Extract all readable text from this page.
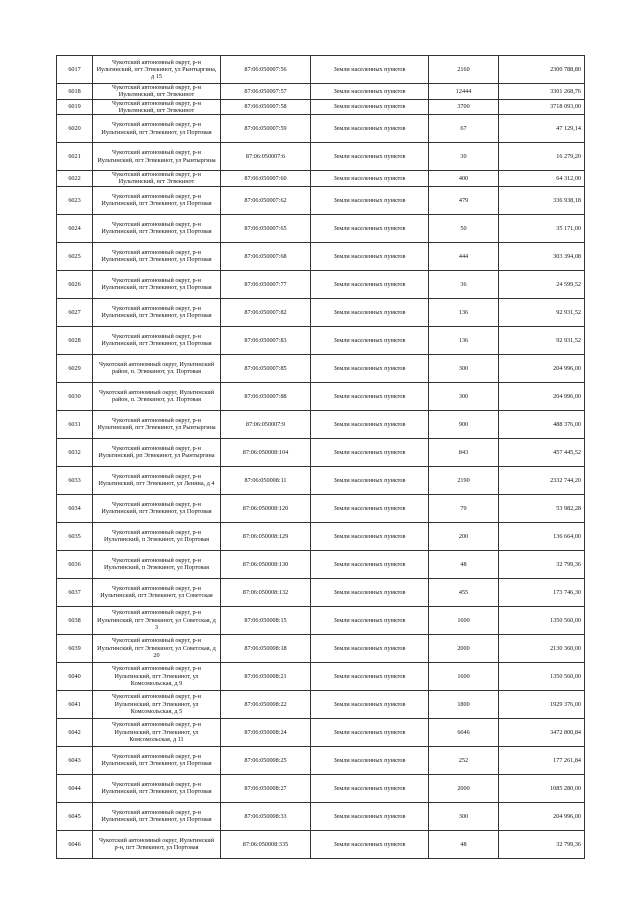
6017	Чукотский автономный округ, р-н Иультинский, пгт Эгвекинот, ул Рынтыргина, д 15	87:06:050007:56	Земли населенных пунктов	2160	2300 788,80
6018	Чукотский автономный округ, р-н Иультинский, пгт Эгвекинот	87:06:050007:57	Земли населенных пунктов	12444	3301 268,76
6019	Чукотский автономный округ, р-н Иультинский, пгт Эгвекинот	87:06:050007:58	Земли населенных пунктов	3700	3718 093,00
6020	Чукотский автономный округ, р-н Иультинский, пгт Эгвекинот, ул Портовая	87:06:050007:59	Земли населенных пунктов	67	47 129,14
6021	Чукотский автономный округ, р-н Иультинский, пгт Эгвекинот, ул Рынтыргина	87:06:050007:6	Земли населенных пунктов	30	16 279,20
6022	Чукотский автономный округ, р-н Иультинский, пгт Эгвекинот	87:06:050007:60	Земли населенных пунктов	400	64 312,00
6023	Чукотский автономный округ, р-н Иультинский, пгт Эгвекинот, ул Портовая	87:06:050007:62	Земли населенных пунктов	479	336 938,18
6024	Чукотский автономный округ, р-н Иультинский, пгт Эгвекинот, ул Портовая	87:06:050007:65	Земли населенных пунктов	50	35 171,00
6025	Чукотский автономный округ, р-н Иультинский, пгт Эгвекинот, ул Портовая	87:06:050007:68	Земли населенных пунктов	444	303 394,08
6026	Чукотский автономный округ, р-н Иультинский, пгт Эгвекинот, ул Портовая	87:06:050007:77	Земли населенных пунктов	36	24 599,52
6027	Чукотский автономный округ, р-н Иультинский, пгт Эгвекинот, ул Портовая	87:06:050007:82	Земли населенных пунктов	136	92 931,52
6028	Чукотский автономный округ, р-н Иультинский, пгт Эгвекинот, ул Портовая	87:06:050007:83	Земли населенных пунктов	136	92 931,52
6029	Чукотский автономный округ, Иультинский район, п. Эгвекинот, ул. Портовая	87:06:050007:85	Земли населенных пунктов	300	204 996,00
6030	Чукотский автономный округ, Иультинский район, п. Эгвекинот, ул. Портовая	87:06:050007:88	Земли населенных пунктов	300	204 996,00
6031	Чукотский автономный округ, р-н Иультинский, пгт Эгвекинот, ул Рынтыргина	87:06:050007:9	Земли населенных пунктов	900	488 376,00
6032	Чукотский автономный округ, р-н Иультинский, рп Эгвекинот, ул Рынтыргина	87:06:050008:104	Земли населенных пунктов	843	457 445,52
6033	Чукотский автономный округ, р-н Иультинский, пгт Эгвекинот, ул Ленина, д 4	87:06:050008:11	Земли населенных пунктов	2190	2332 744,20
6034	Чукотский автономный округ, р-н Иультинский, пгт Эгвекинот, ул Портовая	87:06:050008:120	Земли населенных пунктов	79	53 982,28
6035	Чукотский автономный округ, р-н Иультинский, п Эгвекинот, ул Портовая	87:06:050008:129	Земли населенных пунктов	200	136 664,00
6036	Чукотский автономный округ, р-н Иультинский, п Эгвекинот, ул Портовая	87:06:050008:130	Земли населенных пунктов	48	32 799,36
6037	Чукотский автономный округ, р-н Иультинский, пгт Эгвекинот, ул Советская	87:06:050008:132	Земли населенных пунктов	455	173 746,30
6038	Чукотский автономный округ, р-н Иультинский, пгт Эгвекинот, ул Советская, д 3	87:06:050008:15	Земли населенных пунктов	1600	1350 560,00
6039	Чукотский автономный округ, р-н Иультинский, пгт Эгвекинот, ул Советская, д 20	87:06:050008:18	Земли населенных пунктов	2000	2130 360,00
6040	Чукотский автономный округ, р-н Иультинский, пгт Эгвекинот, ул Комсомольская, д 9	87:06:050008:21	Земли населенных пунктов	1600	1350 560,00
6041	Чукотский автономный округ, р-н Иультинский, пгт Эгвекинот, ул Комсомольская, д 5	87:06:050008:22	Земли населенных пунктов	1800	1929 376,00
6042	Чукотский автономный округ, р-н Иультинский, пгт Эгвекинот, ул Комсомольская, д 11	87:06:050008:24	Земли населенных пунктов	6646	3472 800,84
6043	Чукотский автономный округ, р-н Иультинский, пгт Эгвекинот, ул Портовая	87:06:050008:25	Земли населенных пунктов	252	177 261,84
6044	Чукотский автономный округ, р-н Иультинский, пгт Эгвекинот, ул Портовая	87:06:050008:27	Земли населенных пунктов	2000	1085 280,00
6045	Чукотский автономный округ, р-н Иультинский, пгт Эгвекинот, ул Портовая	87:06:050008:33	Земли населенных пунктов	300	204 996,00
6046	Чукотский автономный округ, Иультинский р-н, пгт Эгвекинот, ул Портовая	87:06:050008:335	Земли населенных пунктов	48	32 799,36
